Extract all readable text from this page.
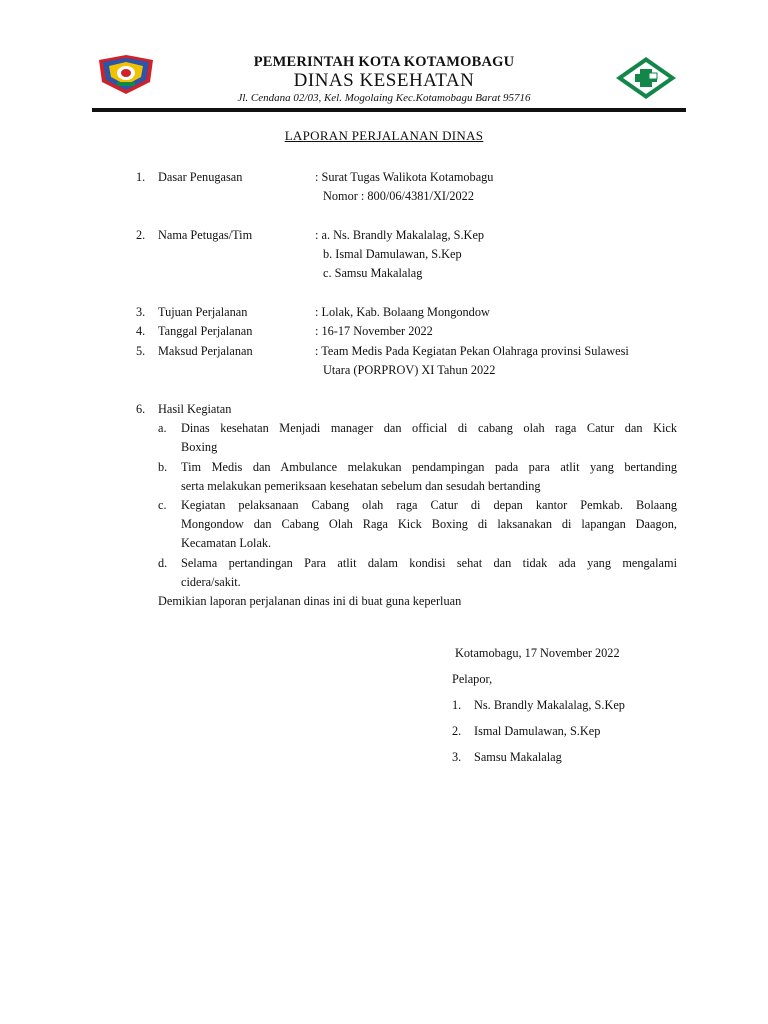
PEMERINTAH KOTA KOTAMOBAGU
DINAS KESEHATAN
Jl. Cendana 02/03, Kel. Mogolaing Kec.Kotamobagu Barat 95716
LAPORAN PERJALANAN DINAS
1. Dasar Penugasan	: Surat Tugas Walikota Kotamobagu
Nomor : 800/06/4381/XI/2022
2. Nama Petugas/Tim	: a. Ns. Brandly Makalalag, S.Kep
b. Ismal Damulawan, S.Kep
c. Samsu Makalalag
3. Tujuan Perjalanan	: Lolak, Kab. Bolaang Mongondow
4. Tanggal Perjalanan	: 16-17 November 2022
5. Maksud Perjalanan	: Team Medis Pada Kegiatan Pekan Olahraga provinsi Sulawesi
Utara (PORPROV) XI Tahun 2022
6. Hasil Kegiatan
a. Dinas kesehatan Menjadi manager dan official di cabang olah raga Catur dan Kick
Boxing
b. Tim Medis dan Ambulance melakukan pendampingan pada para atlit yang bertanding
serta melakukan pemeriksaan kesehatan sebelum dan sesudah bertanding
c. Kegiatan pelaksanaan Cabang olah raga Catur di depan kantor Pemkab. Bolaang
Mongondow dan Cabang Olah Raga Kick Boxing di laksanakan di lapangan Daagon,
Kecamatan Lolak.
d. Selama pertandingan Para atlit dalam kondisi sehat dan tidak ada yang mengalami
cidera/sakit.
Demikian laporan perjalanan dinas ini di buat guna keperluan
Kotamobagu, 17 November 2022
Pelapor,
1. Ns. Brandly Makalalag, S.Kep
2. Ismal Damulawan, S.Kep
3. Samsu Makalalag
